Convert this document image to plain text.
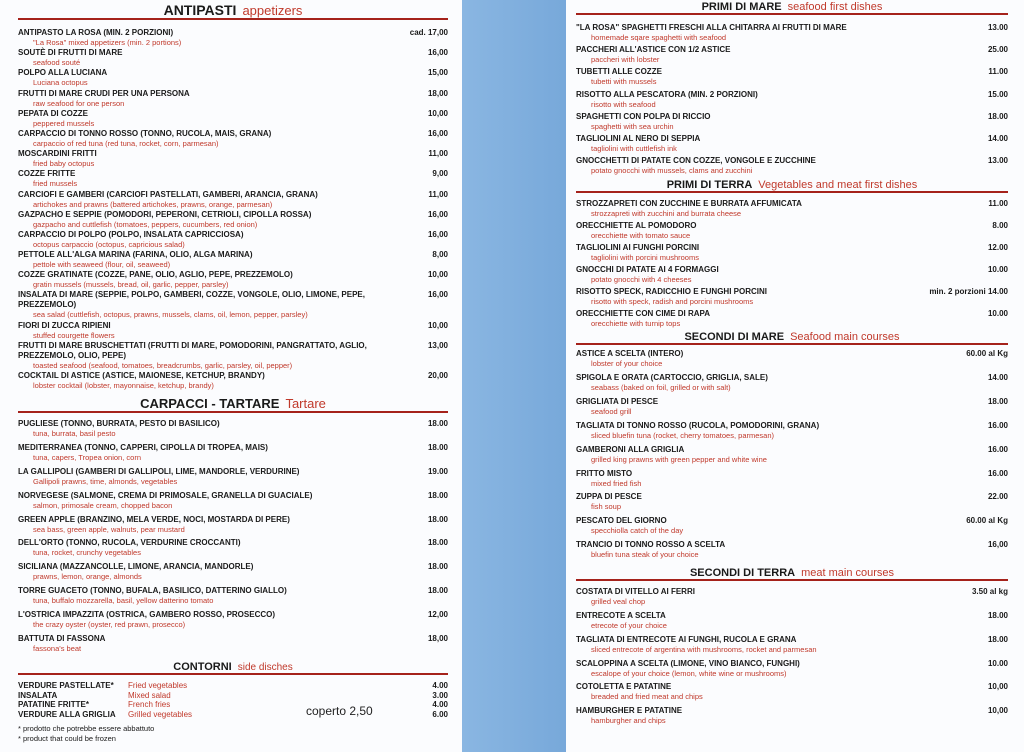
ANTIPASTI appetizers
ANTIPASTO LA ROSA (MIN. 2 PORZIONI)
"La Rosa" mixed appetizers (min. 2 portions)
cad. 17,00
SOUTÈ DI FRUTTI DI MARE
seafood souté
16,00
POLPO ALLA LUCIANA
Luciana octopus
15,00
FRUTTI DI MARE CRUDI PER UNA PERSONA
raw seafood for one person
18,00
PEPATA DI COZZE
peppered mussels
10,00
CARPACCIO DI TONNO ROSSO (TONNO, RUCOLA, MAIS, GRANA)
carpaccio of red tuna (red tuna, rocket, corn, parmesan)
16,00
MOSCARDINI FRITTI
fried baby octopus
11,00
COZZE FRITTE
fried mussels
9,00
CARCIOFI E GAMBERI (CARCIOFI PASTELLATI, GAMBERI, ARANCIA, GRANA)
artichokes and prawns (battered artichokes, prawns, orange, parmesan)
11,00
GAZPACHO E SEPPIE (POMODORI, PEPERONI, CETRIOLI, CIPOLLA ROSSA)
gazpacho and cuttlefish (tomatoes, peppers, cucumbers, red onion)
16,00
CARPACCIO DI POLPO (POLPO, INSALATA CAPRICCIOSA)
octopus carpaccio (octopus, capricious salad)
16,00
PETTOLE ALL'ALGA MARINA (FARINA, OLIO, ALGA MARINA)
pettole with seaweed (flour, oil, seaweed)
8,00
COZZE GRATINATE (COZZE, PANE, OLIO, AGLIO, PEPE, PREZZEMOLO)
gratin mussels (mussels, bread, oil, garlic, pepper, parsley)
10,00
INSALATA DI MARE (SEPPIE, POLPO, GAMBERI, COZZE, VONGOLE, OLIO, LIMONE, PEPE, PREZZEMOLO)
sea salad (cuttlefish, octopus, prawns, mussels, clams, oil, lemon, pepper, parsley)
16,00
FIORI DI ZUCCA RIPIENI
stuffed courgette flowers
10,00
FRUTTI DI MARE BRUSCHETTATI (FRUTTI DI MARE, POMODORINI, PANGRATTATO, AGLIO, PREZZEMOLO, OLIO, PEPE)
toasted seafood (seafood, tomatoes, breadcrumbs, garlic, parsley, oil, pepper)
13,00
COCKTAIL DI ASTICE (ASTICE, MAIONESE, KETCHUP, BRANDY)
lobster cocktail (lobster, mayonnaise, ketchup, brandy)
20,00
CARPACCI - TARTARE Tartare
PUGLIESE (TONNO, BURRATA, PESTO DI BASILICO)
tuna, burrata, basil pesto
18.00
MEDITERRANEA (TONNO, CAPPERI, CIPOLLA DI TROPEA, MAIS)
tuna, capers, Tropea onion, corn
18.00
LA GALLIPOLI (GAMBERI DI GALLIPOLI, LIME, MANDORLE, VERDURINE)
Gallipoli prawns, time, almonds, vegetables
19.00
NORVEGESE (SALMONE, CREMA DI PRIMOSALE, GRANELLA DI GUACIALE)
salmon, primosale cream, chopped bacon
18.00
GREEN APPLE (BRANZINO, MELA VERDE, NOCI, MOSTARDA DI PERE)
sea bass, green apple, walnuts, pear mustard
18.00
DELL'ORTO (TONNO, RUCOLA, VERDURINE CROCCANTI)
tuna, rocket, crunchy vegetables
18.00
SICILIANA (MAZZANCOLLE, LIMONE, ARANCIA, MANDORLE)
prawns, lemon, orange, almonds
18.00
TORRE GUACETO (TONNO, BUFALA, BASILICO, DATTERINO GIALLO)
tuna, buffalo mozzarella, basil, yellow datterino tomato
18.00
L'OSTRICA IMPAZZITA (OSTRICA, GAMBERO ROSSO, PROSECCO)
the crazy oyster (oyster, red prawn, prosecco)
12,00
BATTUTA DI FASSONA
fassona's beat
18,00
CONTORNI side disches
VERDURE PASTELLATE*	Fried vegetables	4.00
INSALATA	Mixed salad	3.00
PATATINE FRITTE*	French fries	4.00
VERDURE ALLA GRIGLIA	Grilled vegetables	6.00
* prodotto che potrebbe essere abbattuto
* product that could be frozen
coperto 2,50
PRIMI DI MARE seafood first dishes
"LA ROSA" SPAGHETTI FRESCHI ALLA CHITARRA AI FRUTTI DI MARE
homemade sqare spaghetti with seafood
13.00
PACCHERI ALL'ASTICE CON 1/2 ASTICE
paccheri with lobster
25.00
TUBETTI ALLE COZZE
tubetti with mussels
11.00
RISOTTO ALLA PESCATORA (MIN. 2 PORZIONI)
risotto with seafood
15.00
SPAGHETTI CON POLPA DI RICCIO
spaghetti with sea urchin
18.00
TAGLIOLINI AL NERO DI SEPPIA
tagliolini with cuttlefish ink
14.00
GNOCCHETTI DI PATATE CON COZZE, VONGOLE E ZUCCHINE
potato gnocchi with mussels, clams and zucchini
13.00
PRIMI DI TERRA Vegetables and meat first dishes
STROZZAPRETI CON ZUCCHINE E BURRATA AFFUMICATA
strozzapreti with zucchini and burrata cheese
11.00
ORECCHIETTE AL POMODORO
orecchiette with tomato sauce
8.00
TAGLIOLINI AI FUNGHI PORCINI
tagliolini with porcini mushrooms
12.00
GNOCCHI DI PATATE AI 4 FORMAGGI
potato gnocchi with 4 cheeses
10.00
RISOTTO SPECK, RADICCHIO E FUNGHI PORCINI
risotto with speck, radish and porcini mushrooms
min. 2 porzioni 14.00
ORECCHIETTE CON CIME DI RAPA
orecchiette with turnip tops
10.00
SECONDI DI MARE Seafood main courses
ASTICE A SCELTA (INTERO)
lobster of your choice
60.00 al Kg
SPIGOLA E ORATA (CARTOCCIO, GRIGLIA, SALE)
seabass (baked on foil, grilled or with salt)
14.00
GRIGLIATA DI PESCE
seafood grill
18.00
TAGLIATA DI TONNO ROSSO (RUCOLA, POMODORINI, GRANA)
sliced bluefin tuna (rocket, cherry tomatoes, parmesan)
16.00
GAMBERONI ALLA GRIGLIA
grilled king prawns with green pepper and white wine
16.00
FRITTO MISTO
mixed fried fish
16.00
ZUPPA DI PESCE
fish soup
22.00
PESCATO DEL GIORNO
specchiolla catch of the day
60.00 al Kg
TRANCIO DI TONNO ROSSO A SCELTA
bluefin tuna steak of your choice
16,00
SECONDI DI TERRA meat main courses
COSTATA DI VITELLO AI FERRI
grilled veal chop
3.50 al kg
ENTRECOTE A SCELTA
etrecote of your choice
18.00
TAGLIATA DI ENTRECOTE AI FUNGHI, RUCOLA E GRANA
sliced entrecote of argentina with mushrooms, rocket and parmesan
18.00
SCALOPPINA A SCELTA (LIMONE, VINO BIANCO, FUNGHI)
escalope of your choice (lemon, white wine or mushrooms)
10.00
COTOLETTA E PATATINE
breaded and fried meat and chips
10,00
HAMBURGHER E PATATINE
hamburgher and chips
10,00
